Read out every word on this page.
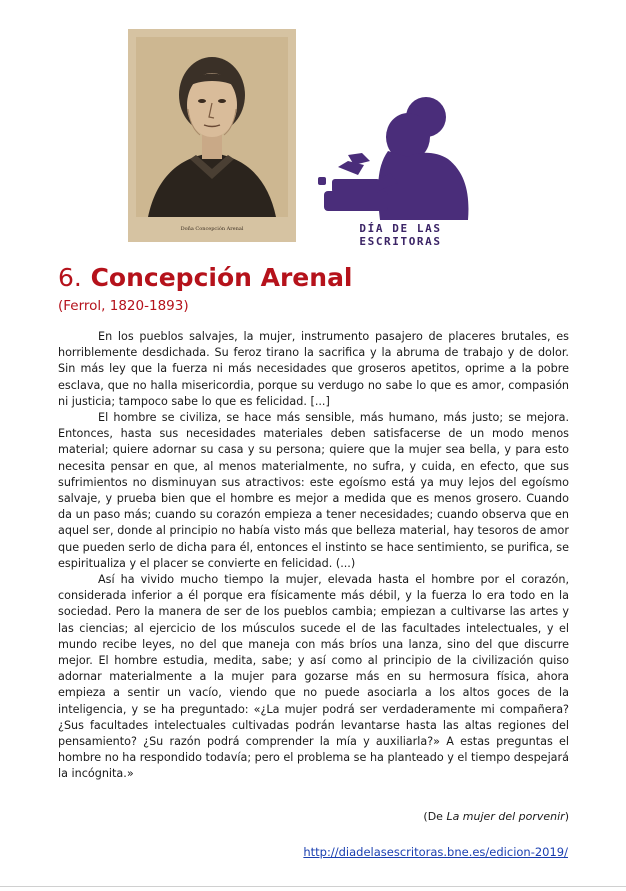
Doña Concepción Arenal	DÍA DE LAS ESCRITORAS
6. Concepción Arenal
(Ferrol, 1820-1893)

En los pueblos salvajes, la mujer, instrumento pasajero de placeres brutales, es horriblemente desdichada. Su feroz tirano la sacrifica y la abruma de trabajo y de dolor. Sin más ley que la fuerza ni más necesidades que groseros apetitos, oprime a la pobre esclava, que no halla misericordia, porque su verdugo no sabe lo que es amor, compasión ni justicia; tampoco sabe lo que es felicidad. [...]

El hombre se civiliza, se hace más sensible, más humano, más justo; se mejora. Entonces, hasta sus necesidades materiales deben satisfacerse de un modo menos material; quiere adornar su casa y su persona; quiere que la mujer sea bella, y para esto necesita pensar en que, al menos materialmente, no sufra, y cuida, en efecto, que sus sufrimientos no disminuyan sus atractivos: este egoísmo está ya muy lejos del egoísmo salvaje, y prueba bien que el hombre es mejor a medida que es menos grosero. Cuando da un paso más; cuando su corazón empieza a tener necesidades; cuando observa que en aquel ser, donde al principio no había visto más que belleza material, hay tesoros de amor que pueden serlo de dicha para él, entonces el instinto se hace sentimiento, se purifica, se espiritualiza y el placer se convierte en felicidad. (...)

Así ha vivido mucho tiempo la mujer, elevada hasta el hombre por el corazón, considerada inferior a él porque era físicamente más débil, y la fuerza lo era todo en la sociedad. Pero la manera de ser de los pueblos cambia; empiezan a cultivarse las artes y las ciencias; al ejercicio de los músculos sucede el de las facultades intelectuales, y el mundo recibe leyes, no del que maneja con más bríos una lanza, sino del que discurre mejor. El hombre estudia, medita, sabe; y así como al principio de la civilización quiso adornar materialmente a la mujer para gozarse más en su hermosura física, ahora empieza a sentir un vacío, viendo que no puede asociarla a los altos goces de la inteligencia, y se ha preguntado: «¿La mujer podrá ser verdaderamente mi compañera? ¿Sus facultades intelectuales cultivadas podrán levantarse hasta las altas regiones del pensamiento? ¿Su razón podrá comprender la mía y auxiliarla?» A estas preguntas el hombre no ha respondido todavía; pero el problema se ha planteado y el tiempo despejará la incógnita.»

(De La mujer del porvenir)
http://diadelasescritoras.bne.es/edicion-2019/
